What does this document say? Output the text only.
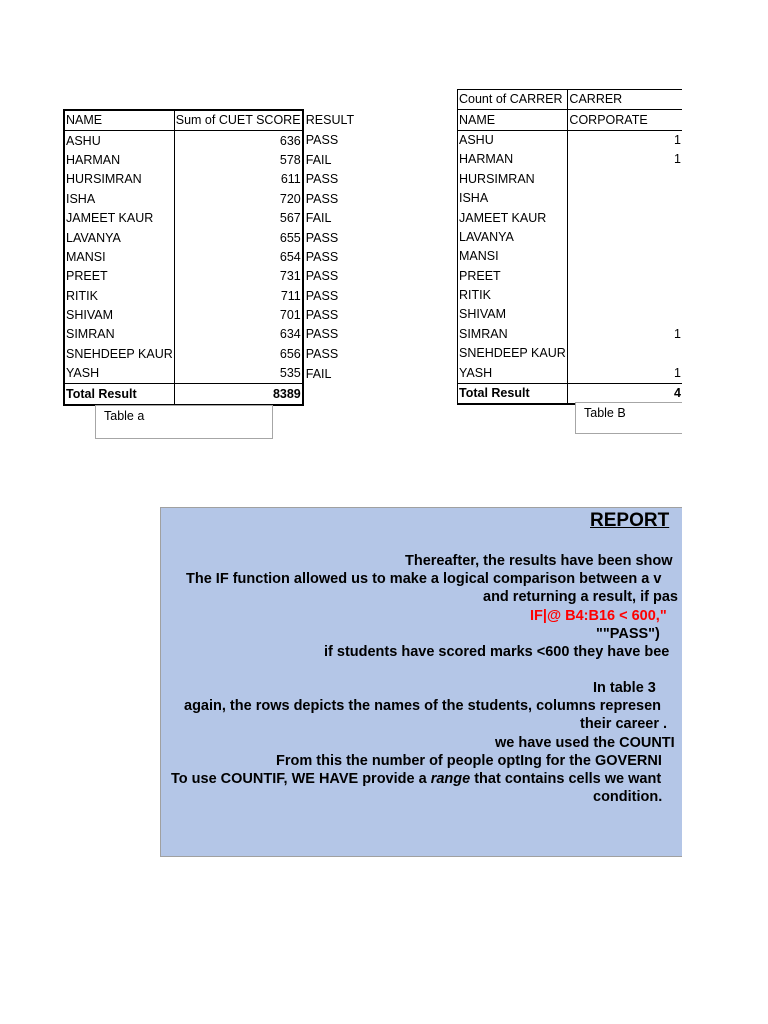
NAME	Sum of CUET SCORE	RESULT
ASHU	636	PASS
HARMAN	578	FAIL
HURSIMRAN	611	PASS
ISHA	720	PASS
JAMEET KAUR	567	FAIL
LAVANYA	655	PASS
MANSI	654	PASS
PREET	731	PASS
RITIK	711	PASS
SHIVAM	701	PASS
SIMRAN	634	PASS
SNEHDEEP KAUR	656	PASS
YASH	535	FAIL
Total Result	8389	
Table a
Count of CARRER	CARRER
NAME	CORPORATE
ASHU	1
HARMAN	1
HURSIMRAN	
ISHA	
JAMEET KAUR	
LAVANYA	
MANSI	
PREET	
RITIK	
SHIVAM	
SIMRAN	1
SNEHDEEP KAUR	
YASH	1
Total Result	4
Table B
REPORT
Thereafter, the results have been show
The IF function allowed us to make a logical comparison between a v
and returning a result, if pas
IF|@ B4:B16 < 600,"
""PASS")
if students have scored marks <600 they have bee
In table 3
again, the rows depicts the names of the students, columns represen
their career .
we have used the COUNTI
From this the number of people optIng for the GOVERNI
To use COUNTIF, WE HAVE provide a range that contains cells we want
condition.
